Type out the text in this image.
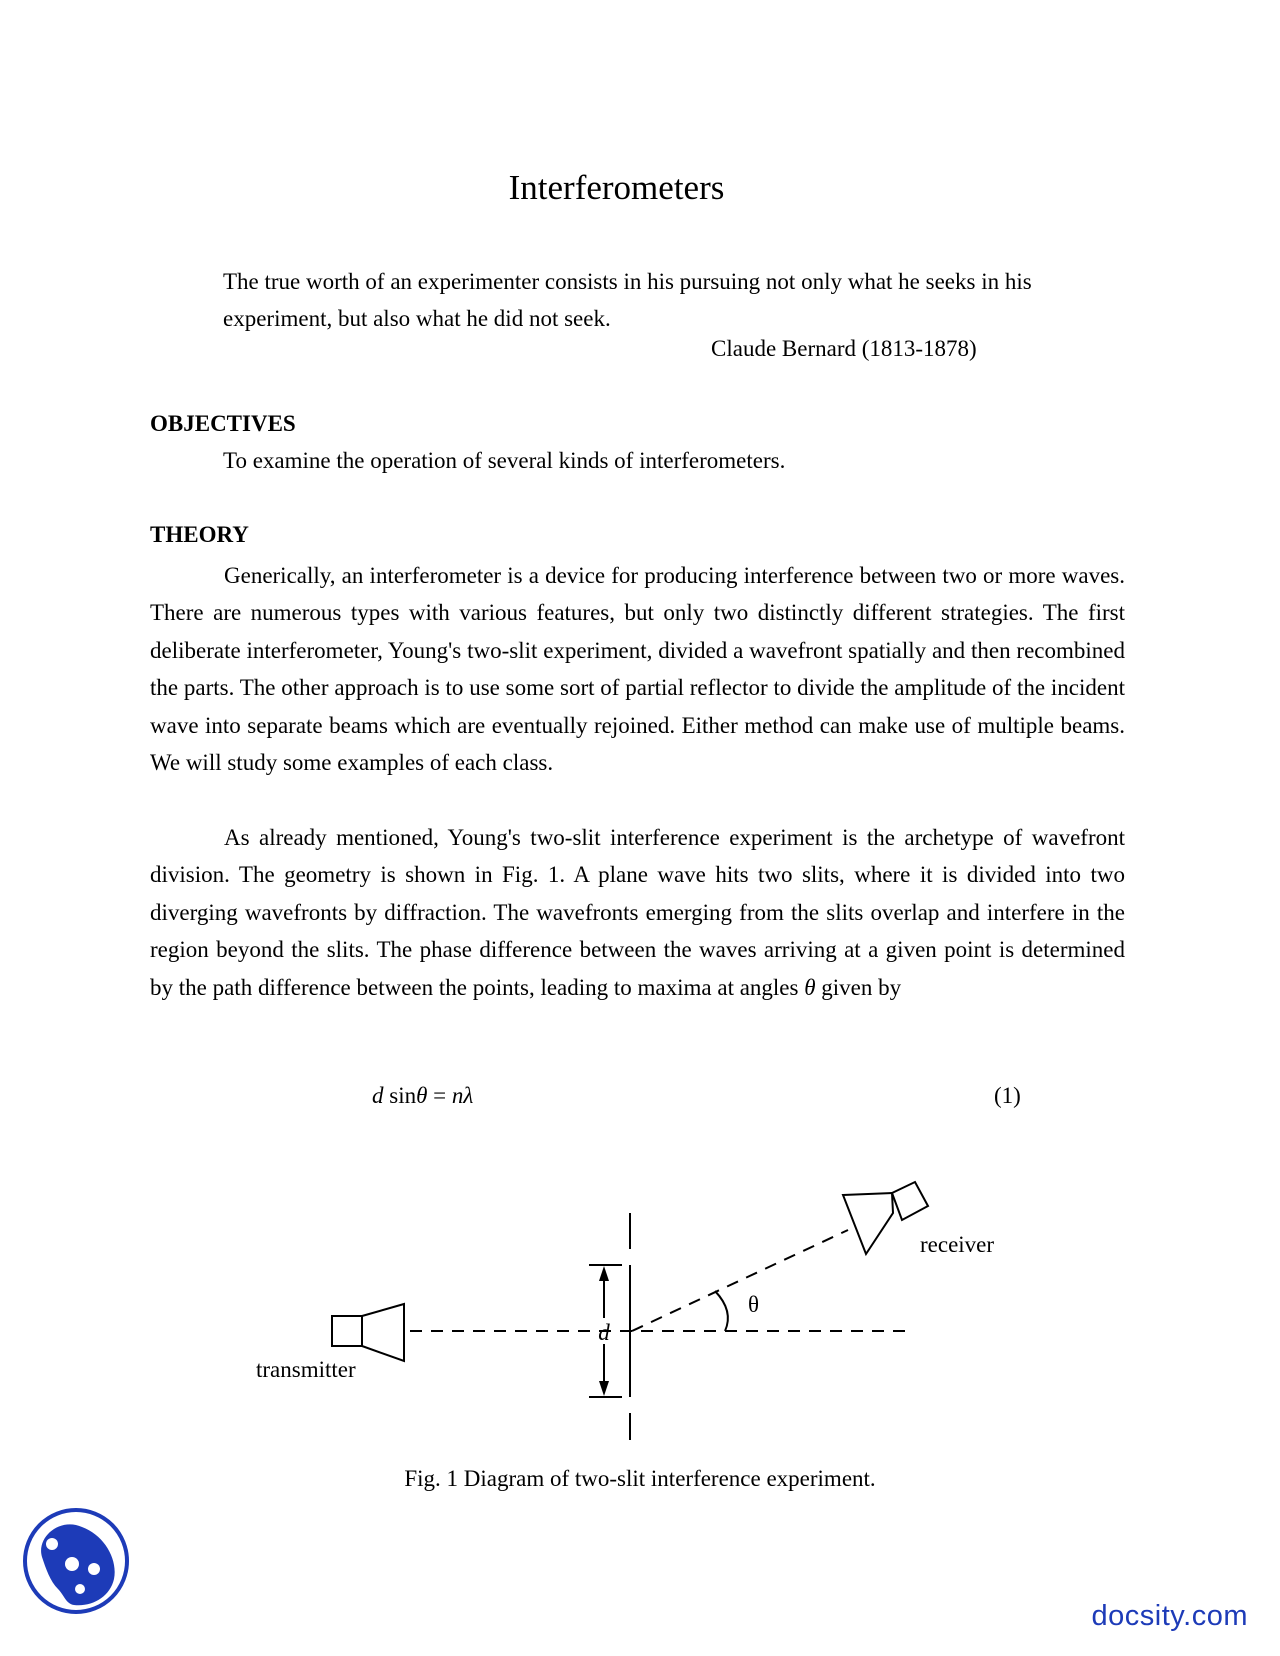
Interferometers
The true worth of an experimenter consists in his pursuing not only what he seeks in his experiment, but also what he did not seek.
Claude Bernard (1813-1878)
OBJECTIVES
To examine the operation of several kinds of interferometers.
THEORY
Generically, an interferometer is a device for producing interference between two or more waves. There are numerous types with various features, but only two distinctly different strategies. The first deliberate interferometer, Young's two-slit experiment, divided a wavefront spatially and then recombined the parts. The other approach is to use some sort of partial reflector to divide the amplitude of the incident wave into separate beams which are eventually rejoined. Either method can make use of multiple beams. We will study some examples of each class.
As already mentioned, Young's two-slit interference experiment is the archetype of wavefront division. The geometry is shown in Fig. 1. A plane wave hits two slits, where it is divided into two diverging wavefronts by diffraction. The wavefronts emerging from the slits overlap and interfere in the region beyond the slits. The phase difference between the waves arriving at a given point is determined by the path difference between the points, leading to maxima at angles θ given by
d sinθ = nλ	(1)
d
θ
receiver
transmitter
Fig. 1 Diagram of two-slit interference experiment.
docsity.com
